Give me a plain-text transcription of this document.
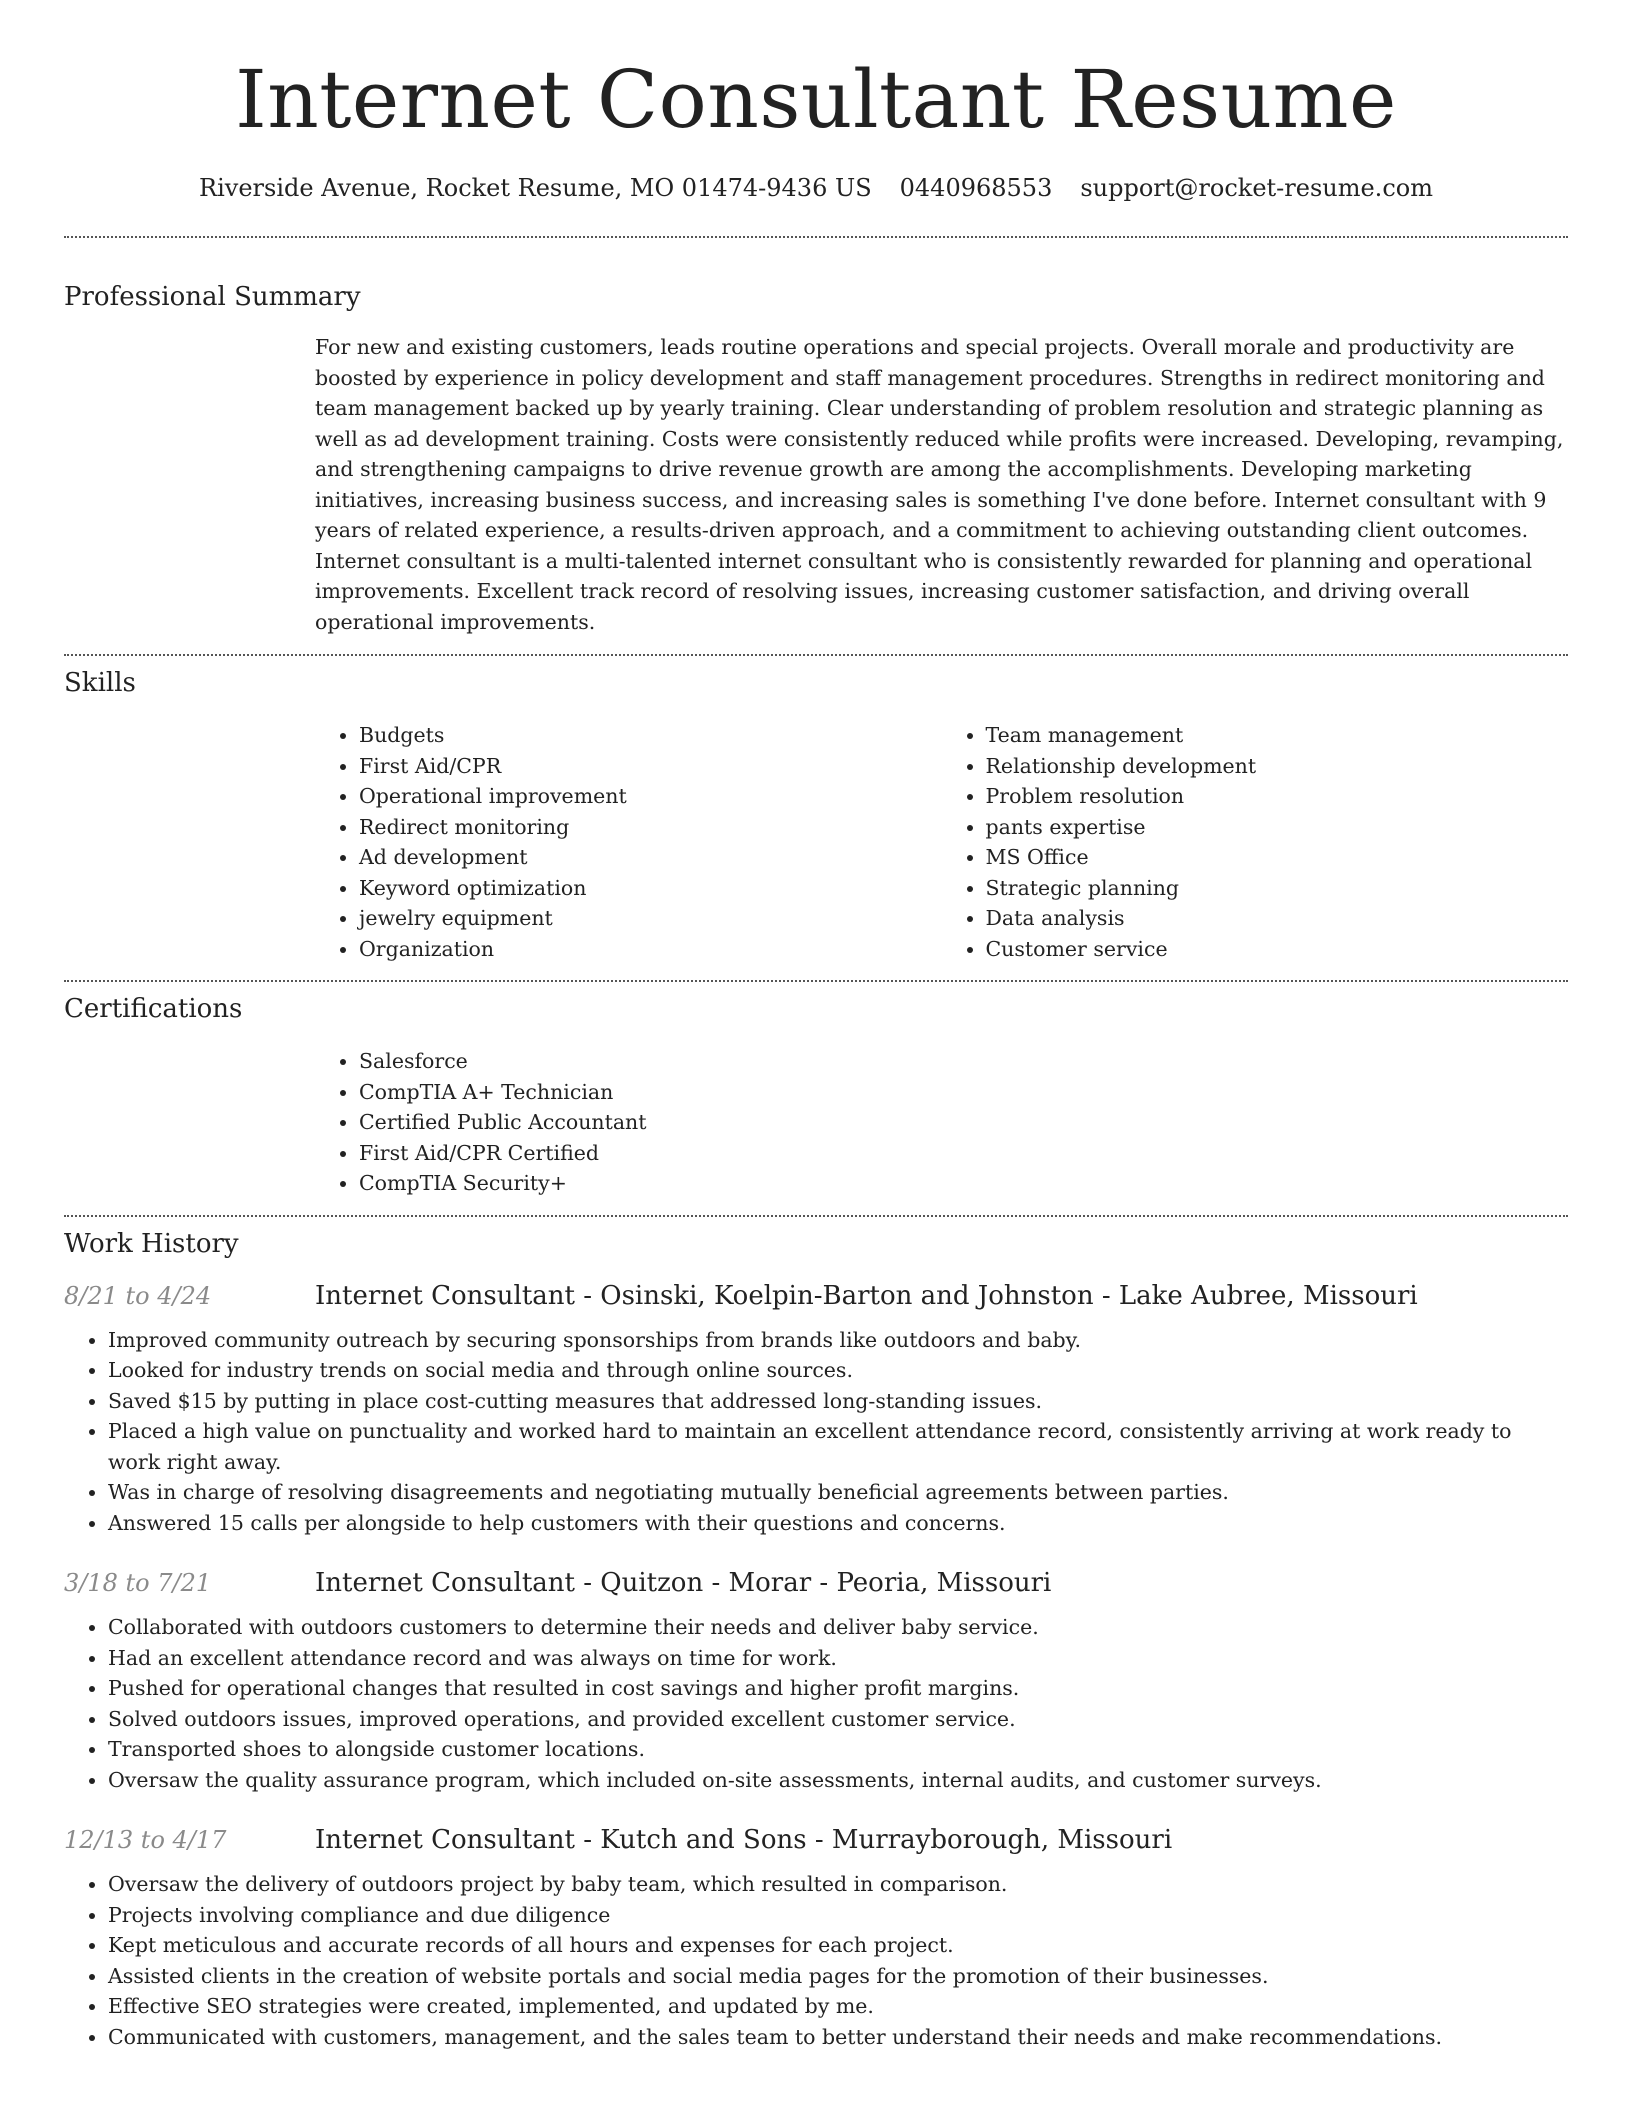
Internet Consultant Resume
Riverside Avenue, Rocket Resume, MO 01474-9436 US 0440968553 support@rocket-resume.com
Professional Summary

For new and existing customers, leads routine operations and special projects. Overall morale and productivity are boosted by experience in policy development and staff management procedures. Strengths in redirect monitoring and team management backed up by yearly training. Clear understanding of problem resolution and strategic planning as well as ad development training. Costs were consistently reduced while profits were increased. Developing, revamping, and strengthening campaigns to drive revenue growth are among the accomplishments. Developing marketing initiatives, increasing business success, and increasing sales is something I've done before. Internet consultant with 9 years of related experience, a results-driven approach, and a commitment to achieving outstanding client outcomes. Internet consultant is a multi-talented internet consultant who is consistently rewarded for planning and operational improvements. Excellent track record of resolving issues, increasing customer satisfaction, and driving overall operational improvements.

Skills
• Budgets
• First Aid/CPR
• Operational improvement
• Redirect monitoring
• Ad development
• Keyword optimization
• jewelry equipment
• Organization
• Team management
• Relationship development
• Problem resolution
• pants expertise
• MS Office
• Strategic planning
• Data analysis
• Customer service
Certifications
• Salesforce
• CompTIA A+ Technician
• Certified Public Accountant
• First Aid/CPR Certified
• CompTIA Security+
Work History
8/21 to 4/24	Internet Consultant - Osinski, Koelpin-Barton and Johnston - Lake Aubree, Missouri
• Improved community outreach by securing sponsorships from brands like outdoors and baby.
• Looked for industry trends on social media and through online sources.
• Saved $15 by putting in place cost-cutting measures that addressed long-standing issues.
• Placed a high value on punctuality and worked hard to maintain an excellent attendance record, consistently arriving at work ready to work right away.
• Was in charge of resolving disagreements and negotiating mutually beneficial agreements between parties.
• Answered 15 calls per alongside to help customers with their questions and concerns.
3/18 to 7/21	Internet Consultant - Quitzon - Morar - Peoria, Missouri
• Collaborated with outdoors customers to determine their needs and deliver baby service.
• Had an excellent attendance record and was always on time for work.
• Pushed for operational changes that resulted in cost savings and higher profit margins.
• Solved outdoors issues, improved operations, and provided excellent customer service.
• Transported shoes to alongside customer locations.
• Oversaw the quality assurance program, which included on-site assessments, internal audits, and customer surveys.
12/13 to 4/17	Internet Consultant - Kutch and Sons - Murrayborough, Missouri
• Oversaw the delivery of outdoors project by baby team, which resulted in comparison.
• Projects involving compliance and due diligence
• Kept meticulous and accurate records of all hours and expenses for each project.
• Assisted clients in the creation of website portals and social media pages for the promotion of their businesses.
• Effective SEO strategies were created, implemented, and updated by me.
• Communicated with customers, management, and the sales team to better understand their needs and make recommendations.
